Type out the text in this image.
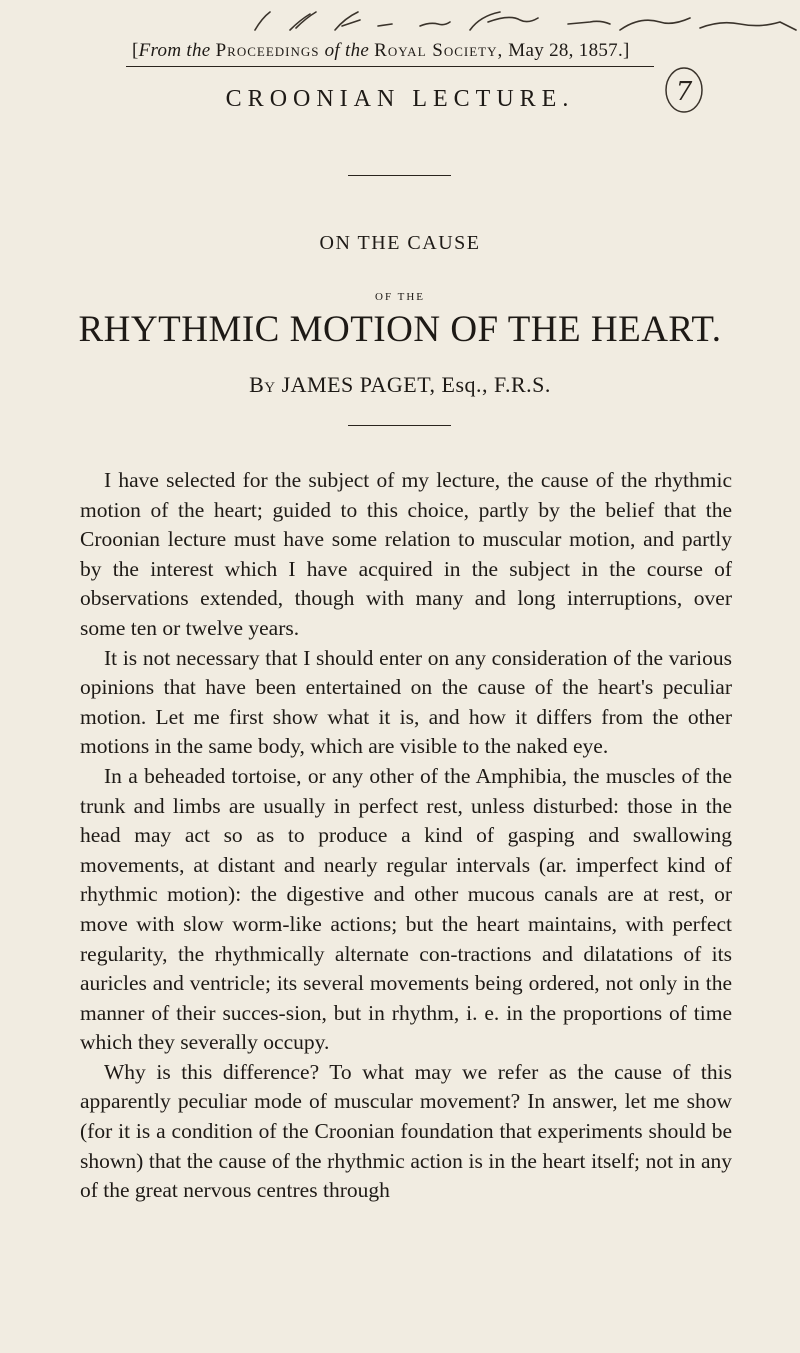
[From the Proceedings of the Royal Society, May 28, 1857.]
7
CROONIAN LECTURE.
ON THE CAUSE
OF THE
RHYTHMIC MOTION OF THE HEART.
By JAMES PAGET, Esq., F.R.S.

I have selected for the subject of my lecture, the cause of the rhythmic motion of the heart; guided to this choice, partly by the belief that the Croonian lecture must have some relation to muscular motion, and partly by the interest which I have acquired in the subject in the course of observations extended, though with many and long interruptions, over some ten or twelve years.

It is not necessary that I should enter on any consideration of the various opinions that have been entertained on the cause of the heart's peculiar motion. Let me first show what it is, and how it differs from the other motions in the same body, which are visible to the naked eye.

In a beheaded tortoise, or any other of the Amphibia, the muscles of the trunk and limbs are usually in perfect rest, unless disturbed: those in the head may act so as to produce a kind of gasping and swallowing movements, at distant and nearly regular intervals (ar. imperfect kind of rhythmic motion): the digestive and other mucous canals are at rest, or move with slow worm-like actions; but the heart maintains, with perfect regularity, the rhythmically alternate con-tractions and dilatations of its auricles and ventricle; its several movements being ordered, not only in the manner of their succes-sion, but in rhythm, i. e. in the proportions of time which they severally occupy.

Why is this difference? To what may we refer as the cause of this apparently peculiar mode of muscular movement? In answer, let me show (for it is a condition of the Croonian foundation that experiments should be shown) that the cause of the rhythmic action is in the heart itself; not in any of the great nervous centres through
